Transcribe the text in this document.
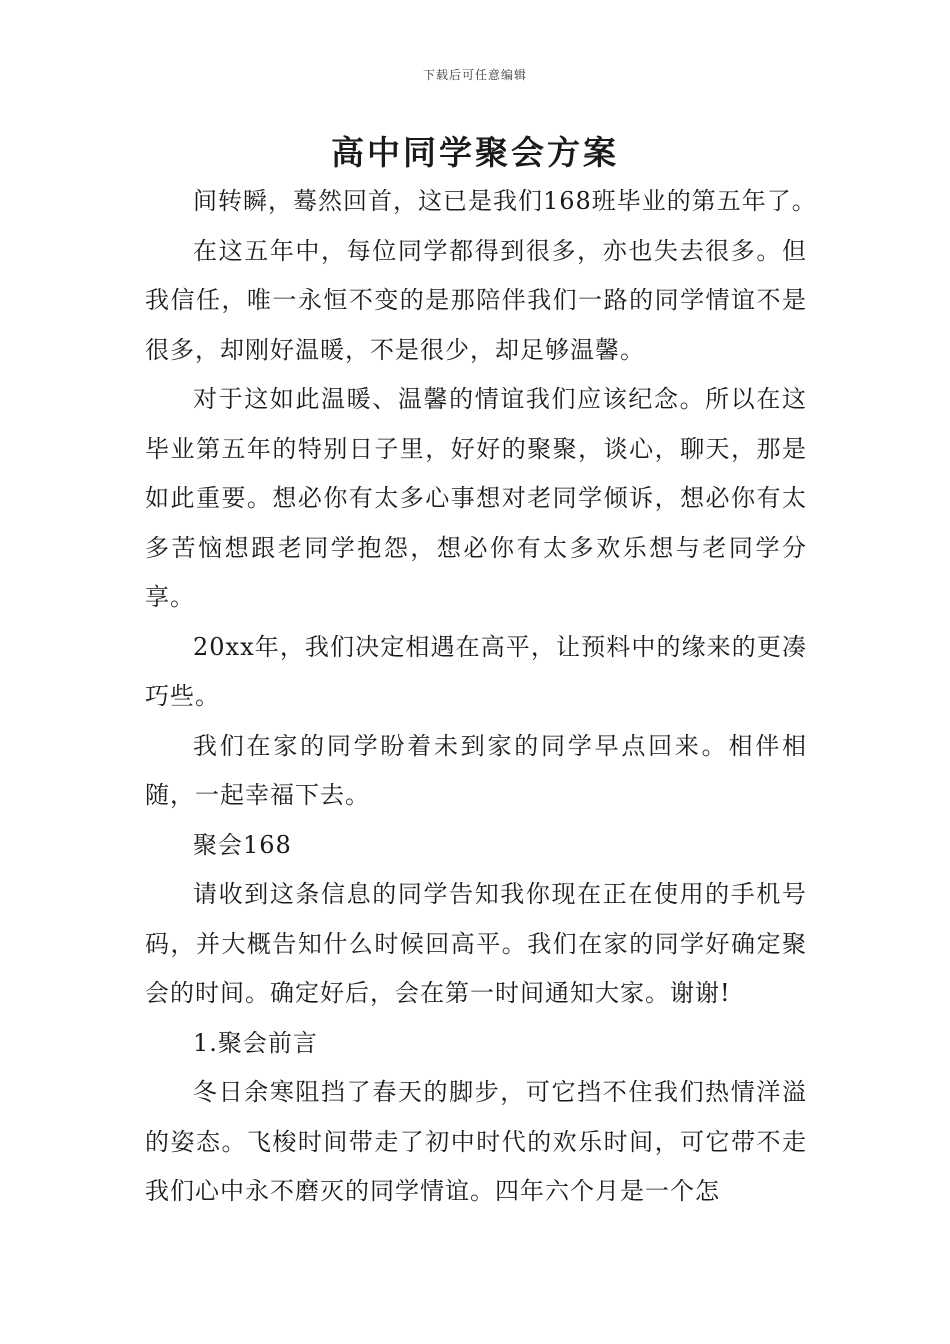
下载后可任意编辑
高中同学聚会方案

间转瞬，蓦然回首，这已是我们168班毕业的第五年了。

在这五年中，每位同学都得到很多，亦也失去很多。但我信任，唯一永恒不变的是那陪伴我们一路的同学情谊不是很多，却刚好温暖，不是很少，却足够温馨。

对于这如此温暖、温馨的情谊我们应该纪念。所以在这毕业第五年的特别日子里，好好的聚聚，谈心，聊天，那是如此重要。想必你有太多心事想对老同学倾诉，想必你有太多苦恼想跟老同学抱怨，想必你有太多欢乐想与老同学分享。

20xx年，我们决定相遇在高平，让预料中的缘来的更凑巧些。

我们在家的同学盼着未到家的同学早点回来。相伴相随，一起幸福下去。

聚会168

请收到这条信息的同学告知我你现在正在使用的手机号码，并大概告知什么时候回高平。我们在家的同学好确定聚会的时间。确定好后，会在第一时间通知大家。谢谢!

1.聚会前言

冬日余寒阻挡了春天的脚步，可它挡不住我们热情洋溢的姿态。飞梭时间带走了初中时代的欢乐时间，可它带不走我们心中永不磨灭的同学情谊。四年六个月是一个怎
